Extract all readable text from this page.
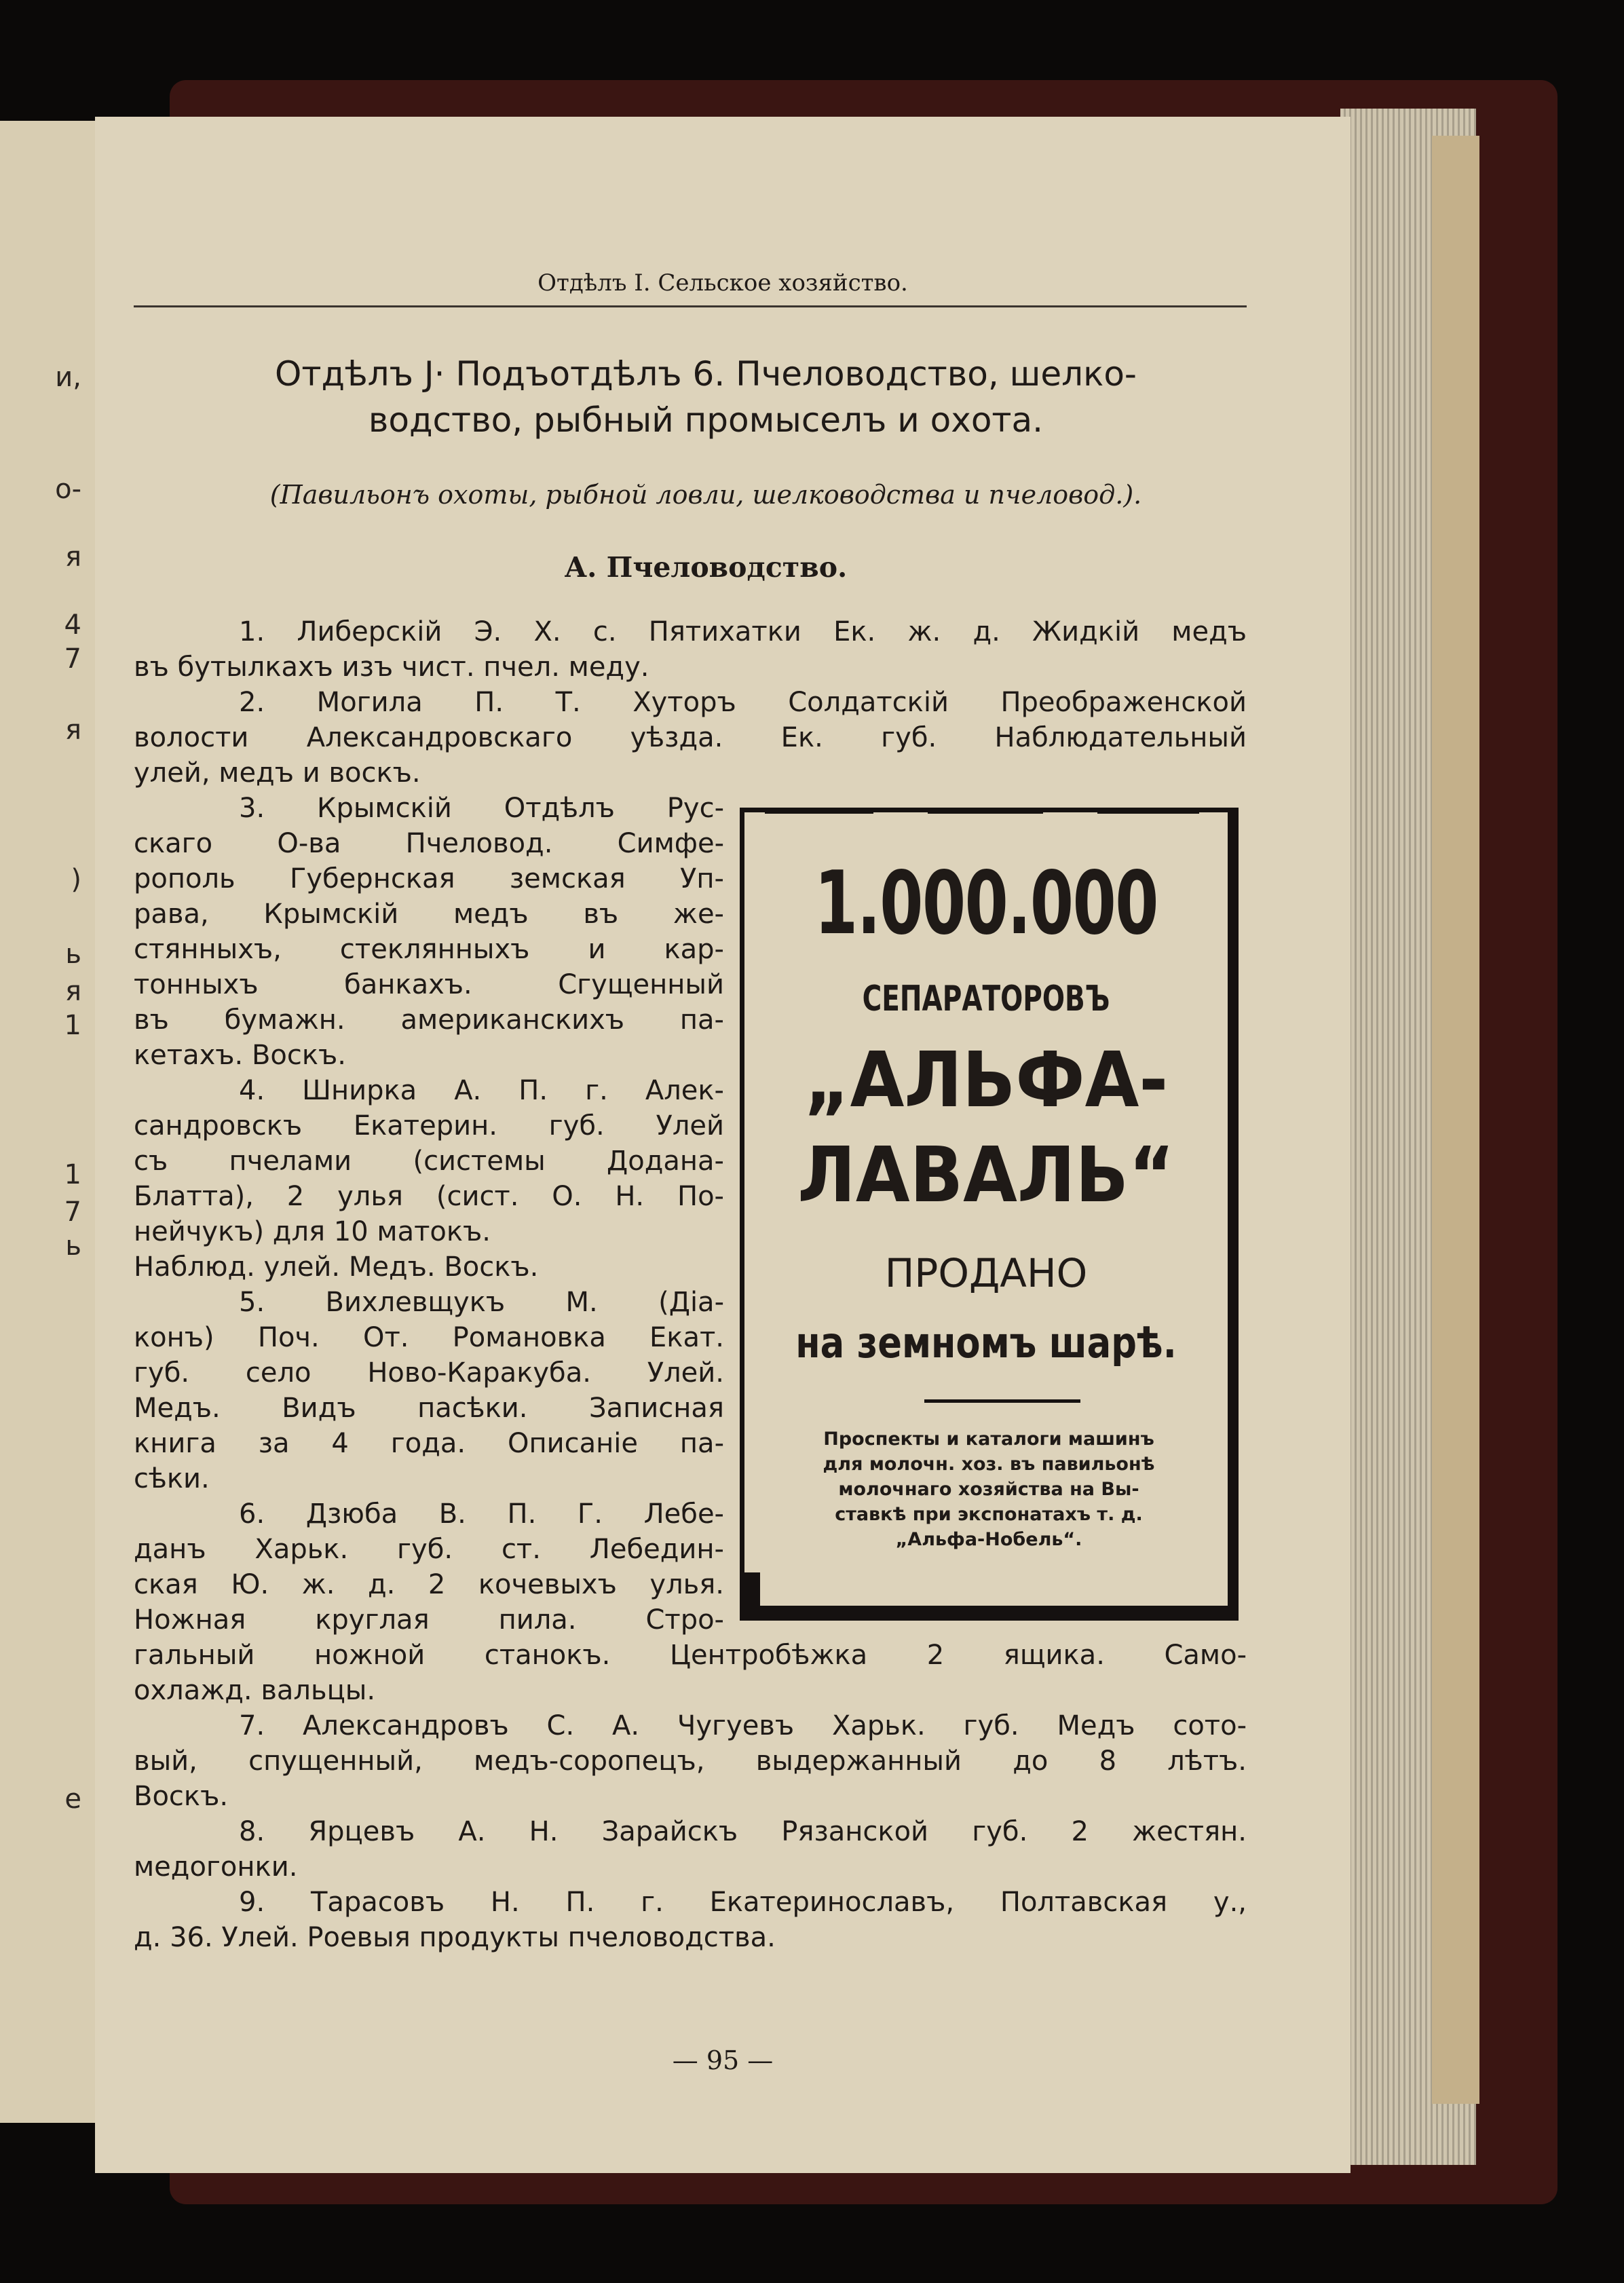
и,
о-
я
4
7
я
)
ь
я
1
1
7
ь
е
Отдѣлъ I. Сельское хозяйство.
Отдѣлъ J· Подъотдѣлъ 6. Пчеловодство, шелко-
водство, рыбный промыселъ и охота.
(Павильонъ охоты, рыбной ловли, шелководства и пчеловод.).
А. Пчеловодство.
1. Либерскій Э. Х. с. Пятихатки Ек. ж. д. Жидкій медъ
въ бутылкахъ изъ чист. пчел. меду.
2. Могила П. Т. Хуторъ Солдатскій Преображенской
волости Александровскаго уѣзда. Ек. губ. Наблюдательный
улей, медъ и воскъ.
3. Крымскій Отдѣлъ Рус-
скаго О-ва Пчеловод. Симфе-
рополь Губернская земская Уп-
рава, Крымскій медъ въ же-
стянныхъ, стеклянныхъ и кар-
тонныхъ банкахъ. Сгущенный
въ бумажн. американскихъ па-
кетахъ. Воскъ.
4. Шнирка А. П. г. Алек-
сандровскъ Екатерин. губ. Улей
съ пчелами (системы Додана-
Блатта), 2 улья (сист. О. Н. По-
нейчукъ) для 10 матокъ.
Наблюд. улей. Медъ. Воскъ.
5. Вихлевщукъ М. (Діа-
конъ) Поч. От. Романовка Екат.
губ. село Ново-Каракуба. Улей.
Медъ. Видъ пасѣки. Записная
книга за 4 года. Описаніе па-
сѣки.
6. Дзюба В. П. Г. Лебе-
данъ Харьк. губ. ст. Лебедин-
ская Ю. ж. д. 2 кочевыхъ улья.
Ножная круглая пила. Стро-
гальный ножной станокъ. Центробѣжка 2 ящика. Само-
охлажд. вальцы.
7. Александровъ С. А. Чугуевъ Харьк. губ. Медъ сото-
вый, спущенный, медъ-соропецъ, выдержанный до 8 лѣтъ.
Воскъ.
8. Ярцевъ А. Н. Зарайскъ Рязанской губ. 2 жестян.
медогонки.
9. Тарасовъ Н. П. г. Екатеринославъ, Полтавская у.,
д. 36. Улей. Роевыя продукты пчеловодства.
— 95 —
1.000.000
СЕПАРАТОРОВЪ
„АЛЬФА-
ЛАВАЛЬ“
ПРОДАНО
на земномъ шарѣ.
Проспекты и каталоги машинъ
для молочн. хоз. въ павильонѣ
молочнаго хозяйства на Вы-
ставкѣ при экспонатахъ т. д.
„Альфа-Нобель“.
